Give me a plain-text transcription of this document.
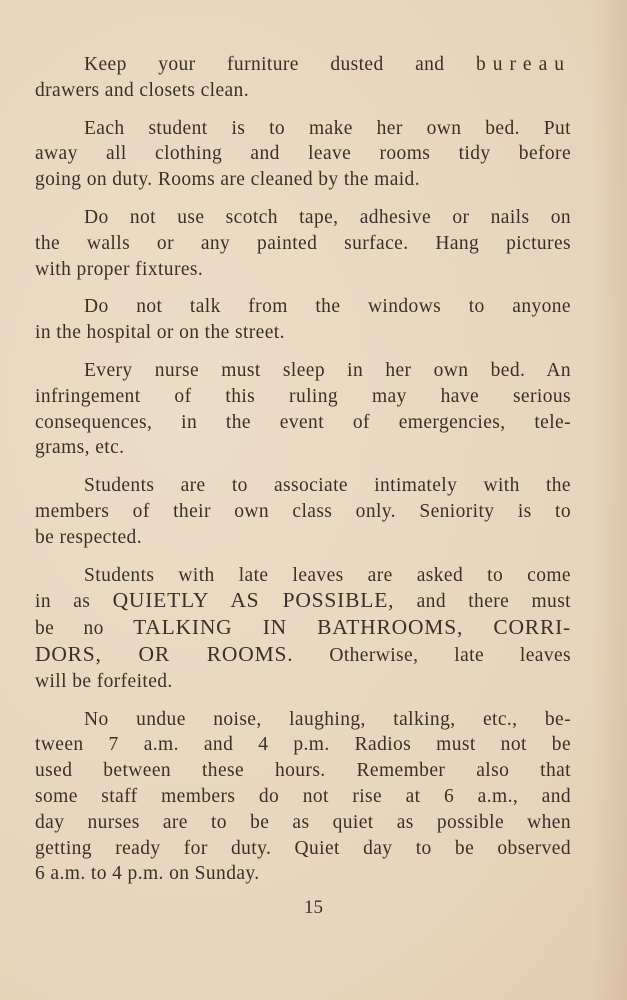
Keep your furniture dusted and bureau
drawers and closets clean.

Each student is to make her own bed. Put
away all clothing and leave rooms tidy before
going on duty. Rooms are cleaned by the maid.

Do not use scotch tape, adhesive or nails on
the walls or any painted surface. Hang pictures
with proper fixtures.

Do not talk from the windows to anyone
in the hospital or on the street.

Every nurse must sleep in her own bed. An
infringement of this ruling may have serious
consequences, in the event of emergencies, tele-
grams, etc.

Students are to associate intimately with the
members of their own class only. Seniority is to
be respected.

Students with late leaves are asked to come
in as QUIETLY AS POSSIBLE, and there must
be no TALKING IN BATHROOMS, CORRI-
DORS, OR ROOMS. Otherwise, late leaves
will be forfeited.

No undue noise, laughing, talking, etc., be-
tween 7 a.m. and 4 p.m. Radios must not be
used between these hours. Remember also that
some staff members do not rise at 6 a.m., and
day nurses are to be as quiet as possible when
getting ready for duty. Quiet day to be observed
6 a.m. to 4 p.m. on Sunday.

15
